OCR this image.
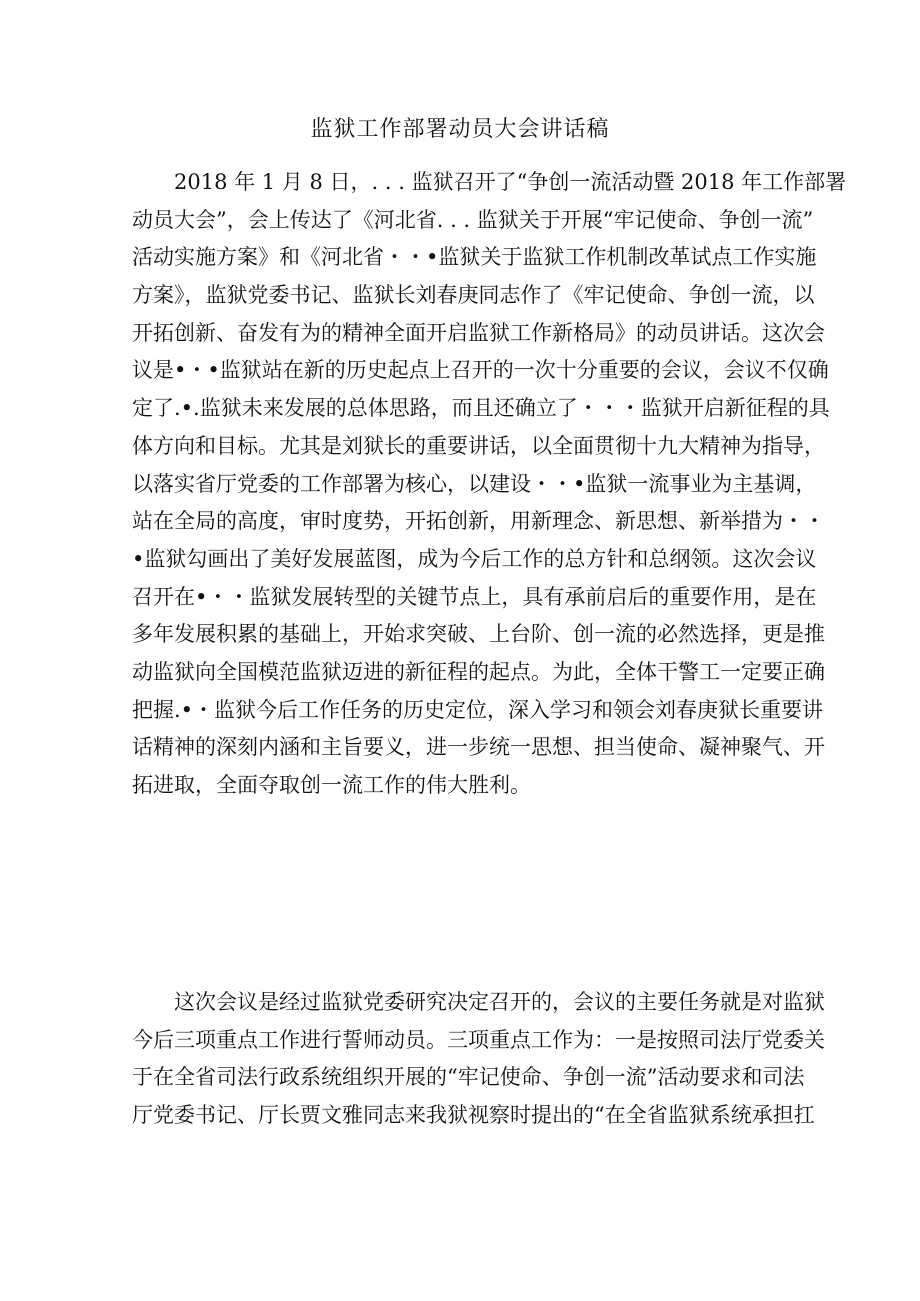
监狱工作部署动员大会讲话稿
2018 年 1 月 8 日，. . . 监狱召开了“争创一流活动暨 2018 年工作部署
动员大会”，会上传达了《河北省. . . 监狱关于开展“牢记使命、争创一流”
活动实施方案》和《河北省・・•监狱关于监狱工作机制改革试点工作实施
方案》，监狱党委书记、监狱长刘春庚同志作了《牢记使命、争创一流，以
开拓创新、奋发有为的精神全面开启监狱工作新格局》的动员讲话。这次会
议是•・•监狱站在新的历史起点上召开的一次十分重要的会议，会议不仅确
定了.•.监狱未来发展的总体思路，而且还确立了・・・监狱开启新征程的具
体方向和目标。尤其是刘狱长的重要讲话，以全面贯彻十九大精神为指导，
以落实省厅党委的工作部署为核心，以建设・・•监狱一流事业为主基调，
站在全局的高度，审时度势，开拓创新，用新理念、新思想、新举措为・・
•监狱勾画出了美好发展蓝图，成为今后工作的总方针和总纲领。这次会议
召开在•・・监狱发展转型的关键节点上，具有承前启后的重要作用，是在
多年发展积累的基础上，开始求突破、上台阶、创一流的必然选择，更是推
动监狱向全国模范监狱迈进的新征程的起点。为此，全体干警工一定要正确
把握.•・监狱今后工作任务的历史定位，深入学习和领会刘春庚狱长重要讲
话精神的深刻内涵和主旨要义，进一步统一思想、担当使命、凝神聚气、开
拓进取，全面夺取创一流工作的伟大胜利。
这次会议是经过监狱党委研究决定召开的，会议的主要任务就是对监狱
今后三项重点工作进行誓师动员。三项重点工作为：一是按照司法厅党委关
于在全省司法行政系统组织开展的“牢记使命、争创一流”活动要求和司法
厅党委书记、厅长贾文雅同志来我狱视察时提出的“在全省监狱系统承担扛
